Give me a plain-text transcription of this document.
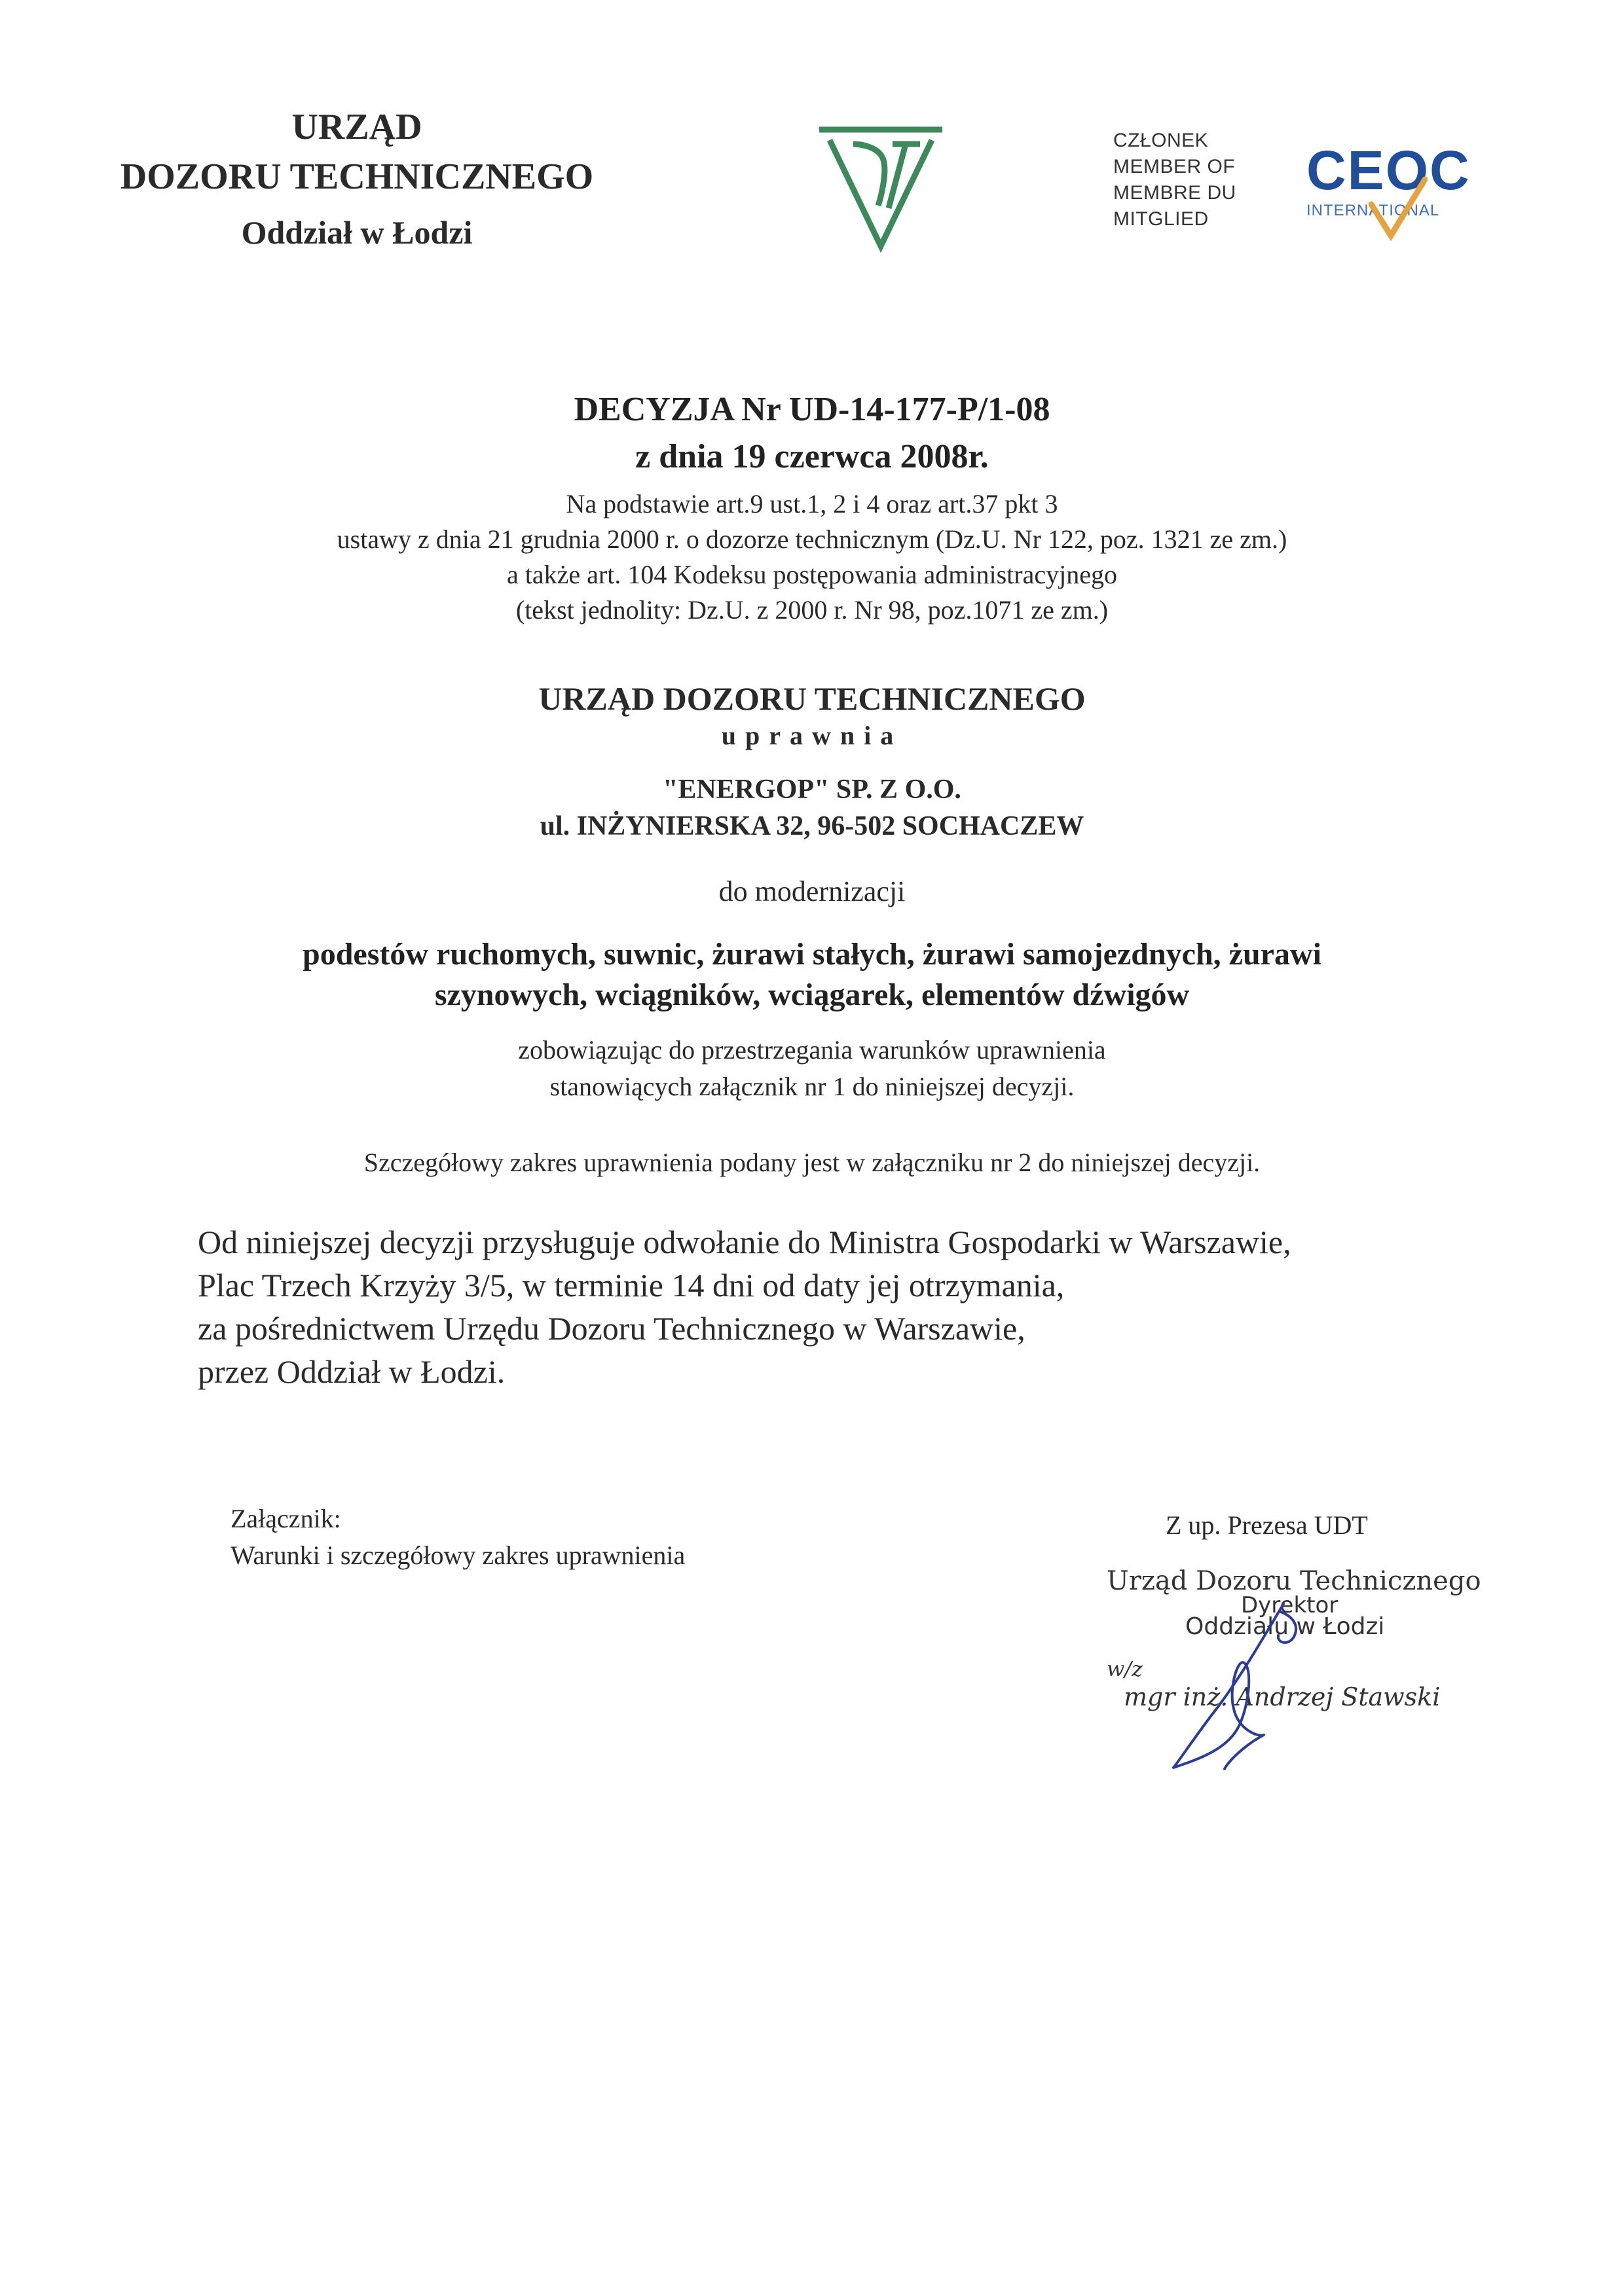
URZĄD
DOZORU TECHNICZNEGO
Oddział w Łodzi
CZŁONEK
MEMBER OF
MEMBRE DU
MITGLIED
CEOC
INTERNATIONAL
DECYZJA Nr UD-14-177-P/1-08
z dnia 19 czerwca 2008r.
Na podstawie art.9 ust.1, 2 i 4 oraz art.37 pkt 3
ustawy z dnia 21 grudnia 2000 r. o dozorze technicznym (Dz.U. Nr 122, poz. 1321 ze zm.)
a także art. 104 Kodeksu postępowania administracyjnego
(tekst jednolity: Dz.U. z 2000 r. Nr 98, poz.1071 ze zm.)
URZĄD DOZORU TECHNICZNEGO
uprawnia
"ENERGOP" SP. Z O.O.
ul. INŻYNIERSKA 32, 96-502 SOCHACZEW
do modernizacji
podestów ruchomych, suwnic, żurawi stałych, żurawi samojezdnych, żurawi
szynowych, wciągników, wciągarek, elementów dźwigów
zobowiązując do przestrzegania warunków uprawnienia
stanowiących załącznik nr 1 do niniejszej decyzji.
Szczegółowy zakres uprawnienia podany jest w załączniku nr 2 do niniejszej decyzji.
Od niniejszej decyzji przysługuje odwołanie do Ministra Gospodarki w Warszawie,
Plac Trzech Krzyży 3/5, w terminie 14 dni od daty jej otrzymania,
za pośrednictwem Urzędu Dozoru Technicznego w Warszawie,
przez Oddział w Łodzi.
Załącznik:
Warunki i szczegółowy zakres uprawnienia
Z up. Prezesa UDT
Urząd Dozoru Technicznego
Dyrektor
Oddziału w Łodzi
w/z
mgr inż. Andrzej Stawski
